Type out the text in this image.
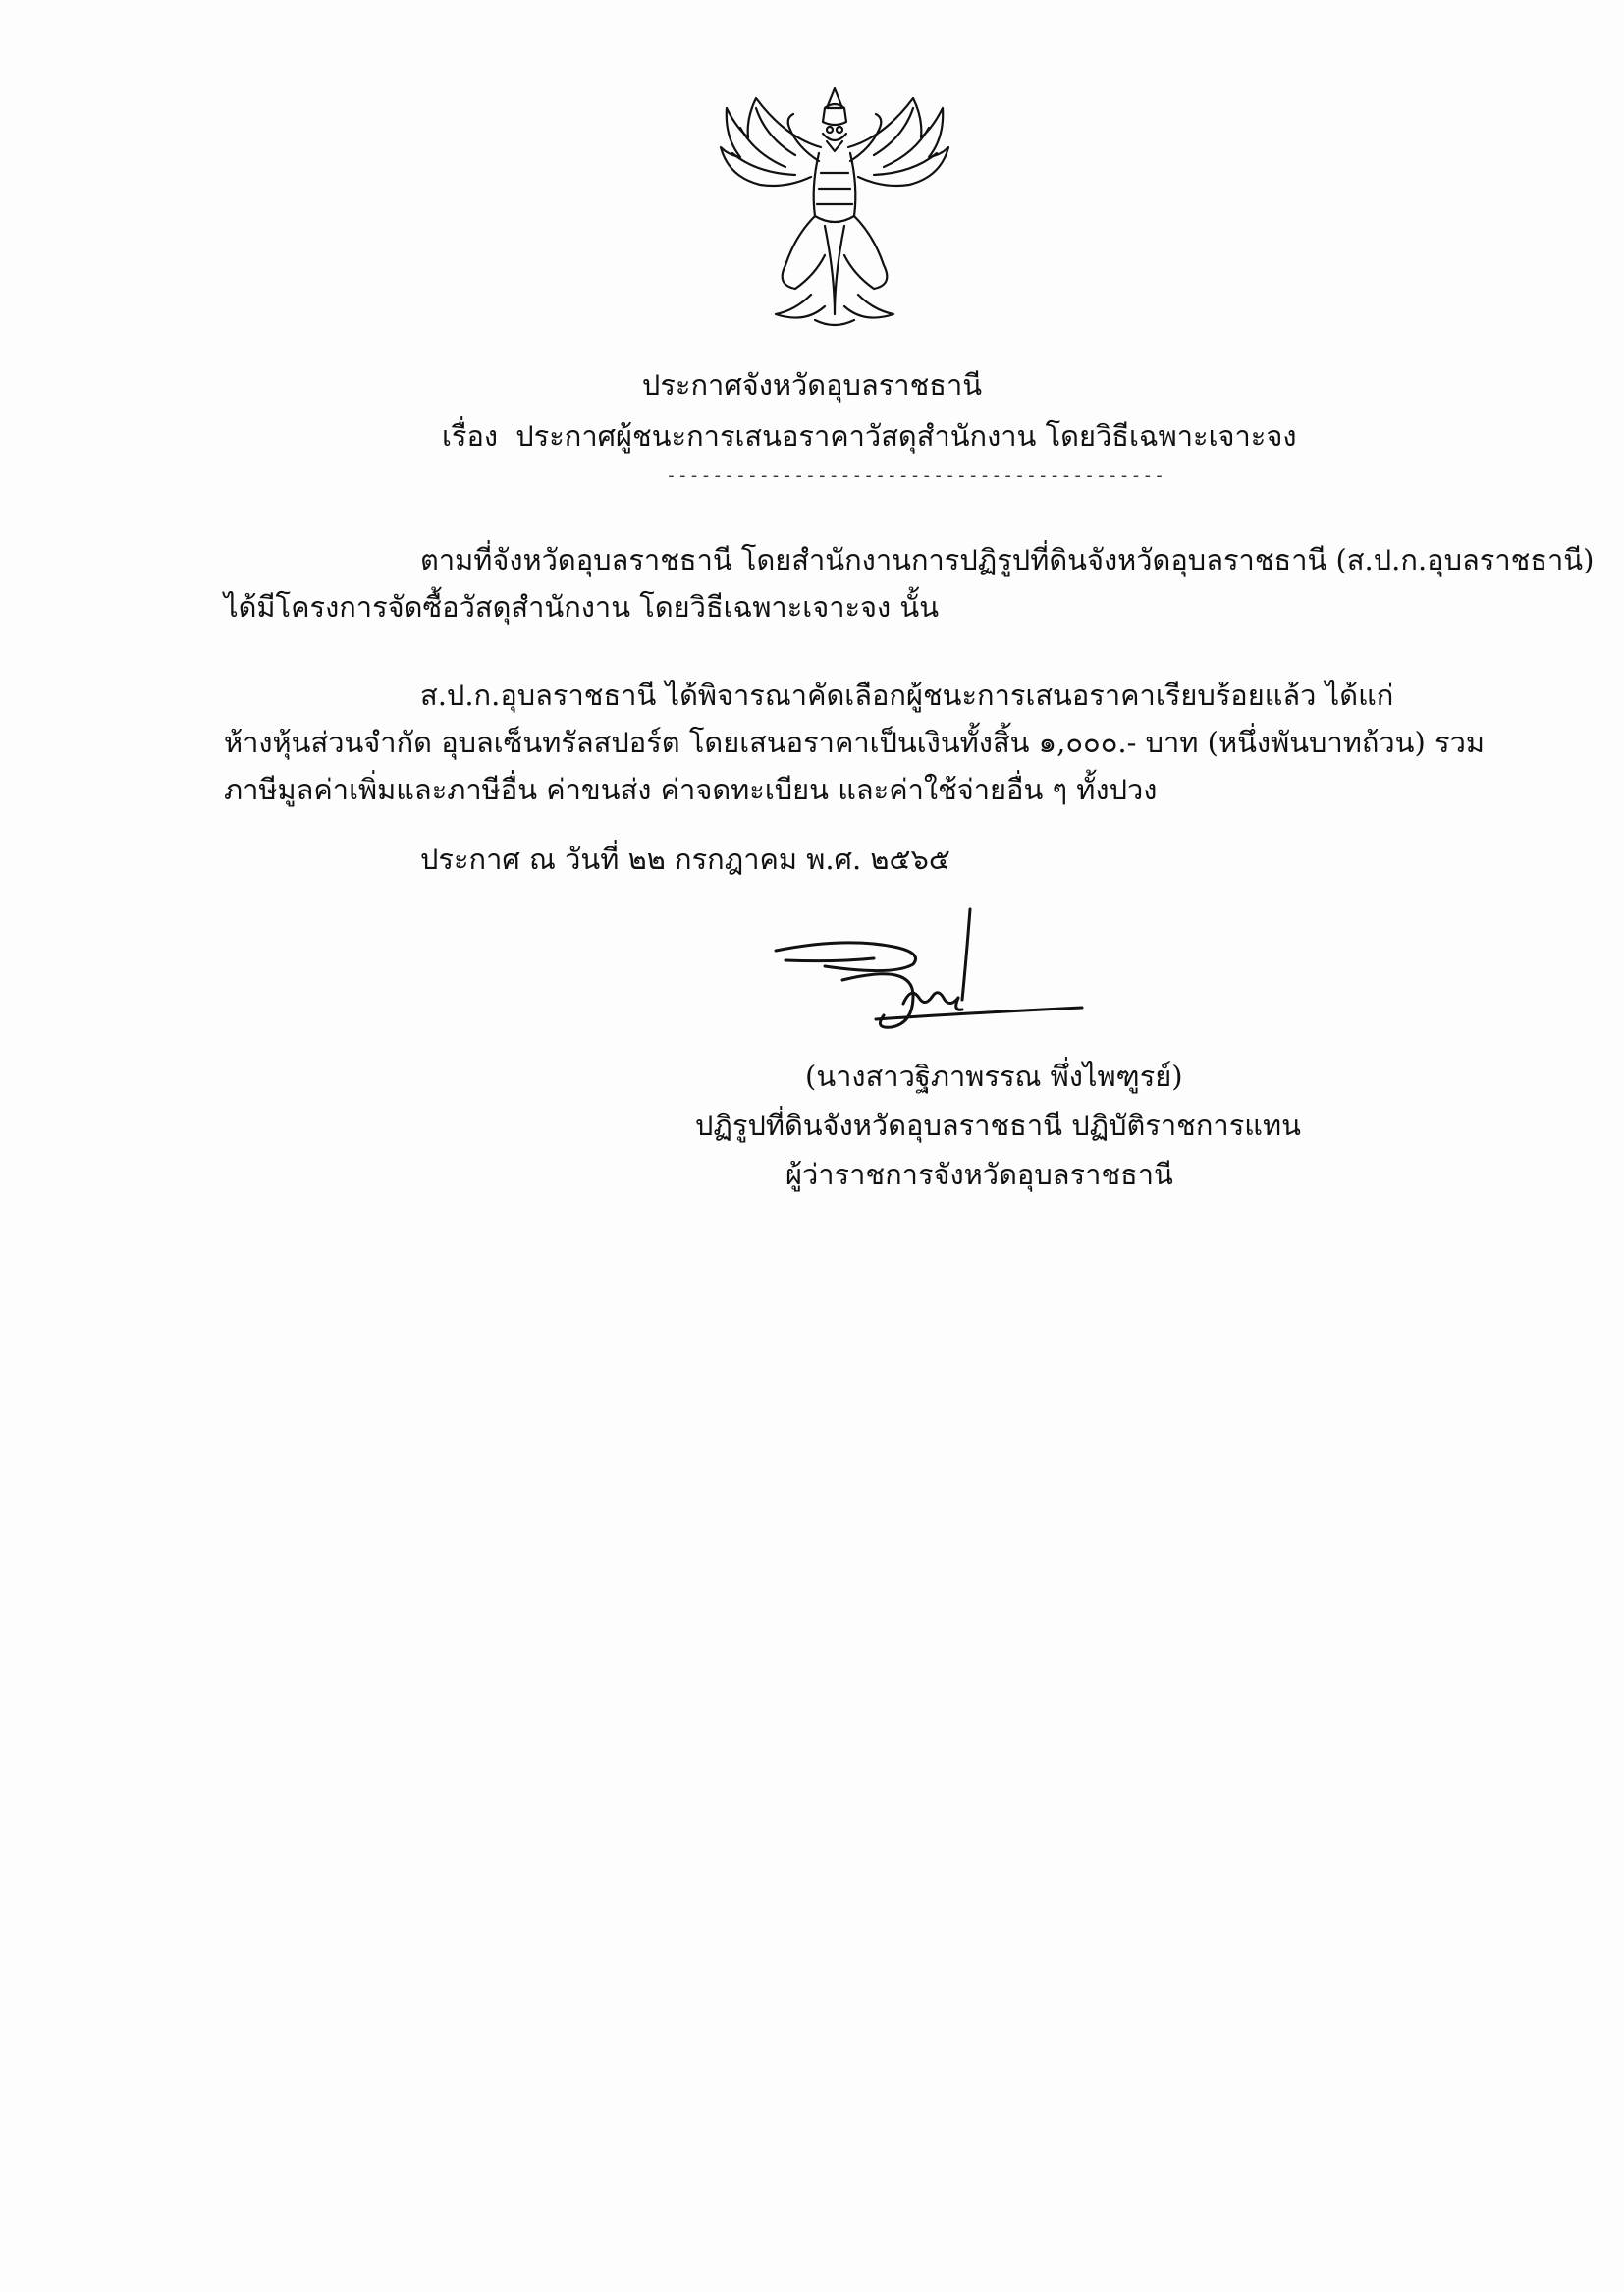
ประกาศจังหวัดอุบลราชธานี
เรื่อง ประกาศผู้ชนะการเสนอราคาวัสดุสำนักงาน โดยวิธีเฉพาะเจาะจง
-------------------------------------------
ตามที่จังหวัดอุบลราชธานี โดยสำนักงานการปฏิรูปที่ดินจังหวัดอุบลราชธานี (ส.ป.ก.อุบลราชธานี)
ได้มีโครงการจัดซื้อวัสดุสำนักงาน โดยวิธีเฉพาะเจาะจง นั้น
ส.ป.ก.อุบลราชธานี ได้พิจารณาคัดเลือกผู้ชนะการเสนอราคาเรียบร้อยแล้ว ได้แก่
ห้างหุ้นส่วนจำกัด อุบลเซ็นทรัลสปอร์ต โดยเสนอราคาเป็นเงินทั้งสิ้น ๑,๐๐๐.- บาท (หนึ่งพันบาทถ้วน) รวม
ภาษีมูลค่าเพิ่มและภาษีอื่น ค่าขนส่ง ค่าจดทะเบียน และค่าใช้จ่ายอื่น ๆ ทั้งปวง
ประกาศ ณ วันที่ ๒๒ กรกฎาคม พ.ศ. ๒๕๖๕
(นางสาวฐิภาพรรณ พึ่งไพฑูรย์)
ปฏิรูปที่ดินจังหวัดอุบลราชธานี ปฏิบัติราชการแทน
ผู้ว่าราชการจังหวัดอุบลราชธานี
